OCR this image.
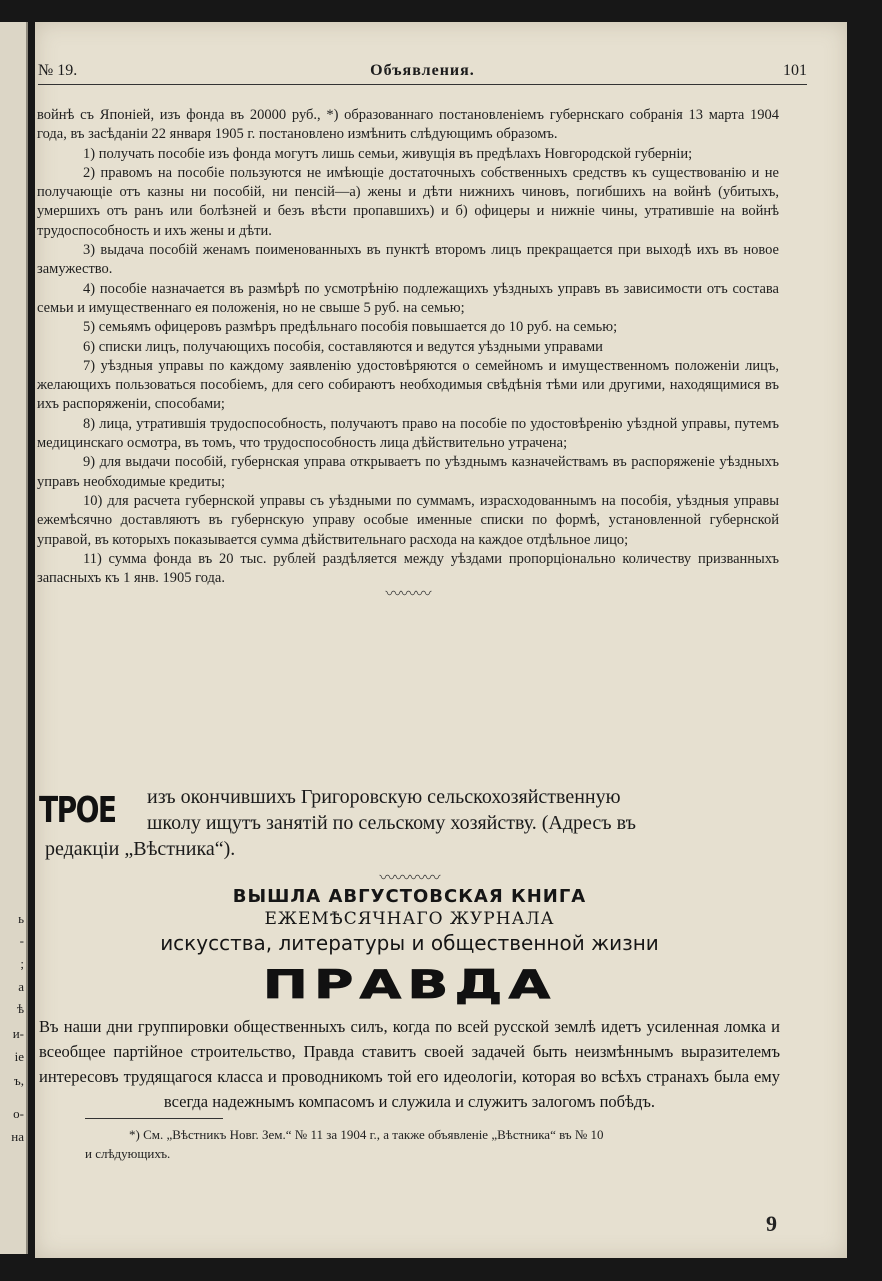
ь
-
;
а
ѣ
и-
іе
ъ,
о-
на
№ 19.	Объявления.	101

войнѣ съ Японіей, изъ фонда въ 20000 руб., *) образованнаго постановленіемъ губернскаго собранія 13 марта 1904 года, въ засѣданіи 22 января 1905 г. постановлено измѣнить слѣдующимъ образомъ.

1) получать пособіе изъ фонда могутъ лишь семьи, живущія въ предѣлахъ Новгородской губерніи;

2) правомъ на пособіе пользуются не имѣющіе достаточныхъ собственныхъ средствъ къ существованію и не получающіе отъ казны ни пособій, ни пенсій—а) жены и дѣти нижнихъ чиновъ, погибшихъ на войнѣ (убитыхъ, умершихъ отъ ранъ или болѣзней и безъ вѣсти пропавшихъ) и б) офицеры и нижніе чины, утратившіе на войнѣ трудоспособность и ихъ жены и дѣти.

3) выдача пособій женамъ поименованныхъ въ пунктѣ второмъ лицъ прекращается при выходѣ ихъ въ новое замужество.

4) пособіе назначается въ размѣрѣ по усмотрѣнію подлежащихъ уѣздныхъ управъ въ зависимости отъ состава семьи и имущественнаго ея положенія, но не свыше 5 руб. на семью;

5) семьямъ офицеровъ размѣръ предѣльнаго пособія повышается до 10 руб. на семью;

6) списки лицъ, получающихъ пособія, составляются и ведутся уѣздными управами

7) уѣздныя управы по каждому заявленію удостовѣряются о семейномъ и имущественномъ положеніи лицъ, желающихъ пользоваться пособіемъ, для сего собираютъ необходимыя свѣдѣнія тѣми или другими, находящимися въ ихъ распоряженіи, способами;

8) лица, утратившія трудоспособность, получаютъ право на пособіе по удостовѣренію уѣздной управы, путемъ медицинскаго осмотра, въ томъ, что трудоспособность лица дѣйствительно утрачена;

9) для выдачи пособій, губернская управа открываетъ по уѣзднымъ казначействамъ въ распоряженіе уѣздныхъ управъ необходимые кредиты;

10) для расчета губернской управы съ уѣздными по суммамъ, израсходованнымъ на пособія, уѣздныя управы ежемѣсячно доставляютъ въ губернскую управу особые именные списки по формѣ, установленной губернской управой, въ которыхъ показывается сумма дѣйствительнаго расхода на каждое отдѣльное лицо;

11) сумма фонда въ 20 тыс. рублей раздѣляется между уѣздами пропорціонально количеству призванныхъ запасныхъ къ 1 янв. 1905 года.

〰〰〰
ТРОЕ изъ окончившихъ Григоровскую сельскохозяйственную
школу ищутъ занятій по сельскому хозяйству. (Адресъ въ
редакціи „Вѣстника“).
〰〰〰〰
ВЫШЛА АВГУСТОВСКАЯ КНИГА
ЕЖЕМѢСЯЧНАГО ЖУРНАЛА
искусства, литературы и общественной жизни
ПРАВДА
Въ наши дни группировки общественныхъ силъ, когда по всей русской землѣ идетъ усиленная ломка и всеобщее партійное строительство, Правда ставитъ своей задачей быть неизмѣннымъ выразителемъ интересовъ трудящагося класса и проводникомъ той его идеологіи, которая во всѣхъ странахъ была ему всегда надежнымъ компасомъ и служила и служитъ залогомъ побѣдъ.

*) См. „Вѣстникъ Новг. Зем.“ № 11 за 1904 г., а также объявленіе „Вѣстника“ въ № 10

и слѣдующихъ.

9
